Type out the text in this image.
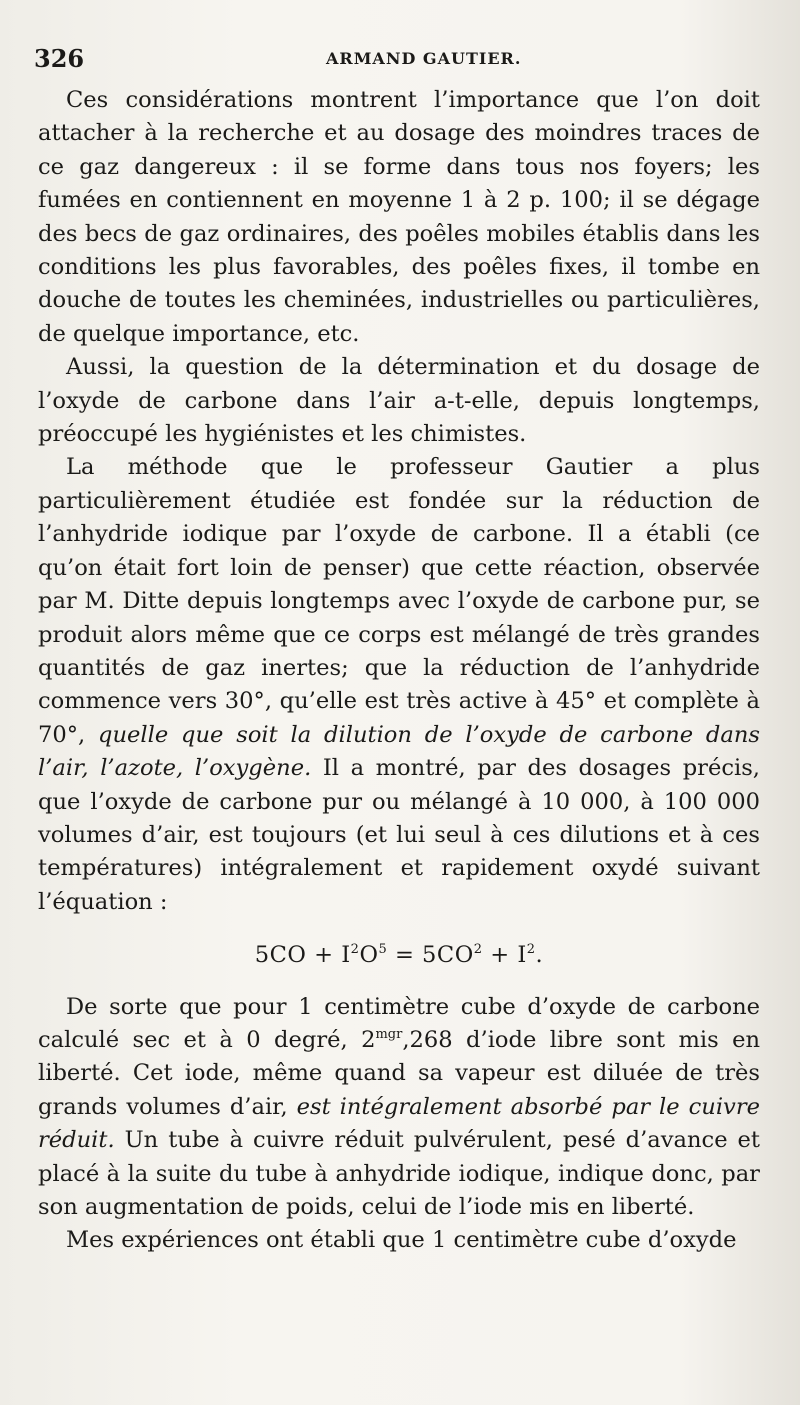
326	ARMAND GAUTIER.

Ces considérations montrent l’importance que l’on doit attacher à la recherche et au dosage des moindres traces de ce gaz dangereux : il se forme dans tous nos foyers; les fumées en contiennent en moyenne 1 à 2 p. 100; il se dégage des becs de gaz ordinaires, des poêles mobiles établis dans les conditions les plus favorables, des poêles fixes, il tombe en douche de toutes les cheminées, industrielles ou particulières, de quelque importance, etc.

Aussi, la question de la détermination et du dosage de l’oxyde de carbone dans l’air a-t-elle, depuis longtemps, préoccupé les hygiénistes et les chimistes.

La méthode que le professeur Gautier a plus particulièrement étudiée est fondée sur la réduction de l’anhydride iodique par l’oxyde de carbone. Il a établi (ce qu’on était fort loin de penser) que cette réaction, observée par M. Ditte depuis longtemps avec l’oxyde de carbone pur, se produit alors même que ce corps est mélangé de très grandes quantités de gaz inertes; que la réduction de l’anhydride commence vers 30°, qu’elle est très active à 45° et complète à 70°, quelle que soit la dilution de l’oxyde de carbone dans l’air, l’azote, l’oxygène. Il a montré, par des dosages précis, que l’oxyde de carbone pur ou mélangé à 10 000, à 100 000 volumes d’air, est toujours (et lui seul à ces dilutions et à ces températures) intégralement et rapidement oxydé suivant l’équation :

$5CO + I^2O^5 = 5CO^2 + I^2$.

De sorte que pour 1 centimètre cube d’oxyde de carbone calculé sec et à 0 degré, $2^{mgr},268$ d’iode libre sont mis en liberté. Cet iode, même quand sa vapeur est diluée de très grands volumes d’air, est intégralement absorbé par le cuivre réduit. Un tube à cuivre réduit pulvérulent, pesé d’avance et placé à la suite du tube à anhydride iodique, indique donc, par son augmentation de poids, celui de l’iode mis en liberté.

Mes expériences ont établi que 1 centimètre cube d’oxyde
